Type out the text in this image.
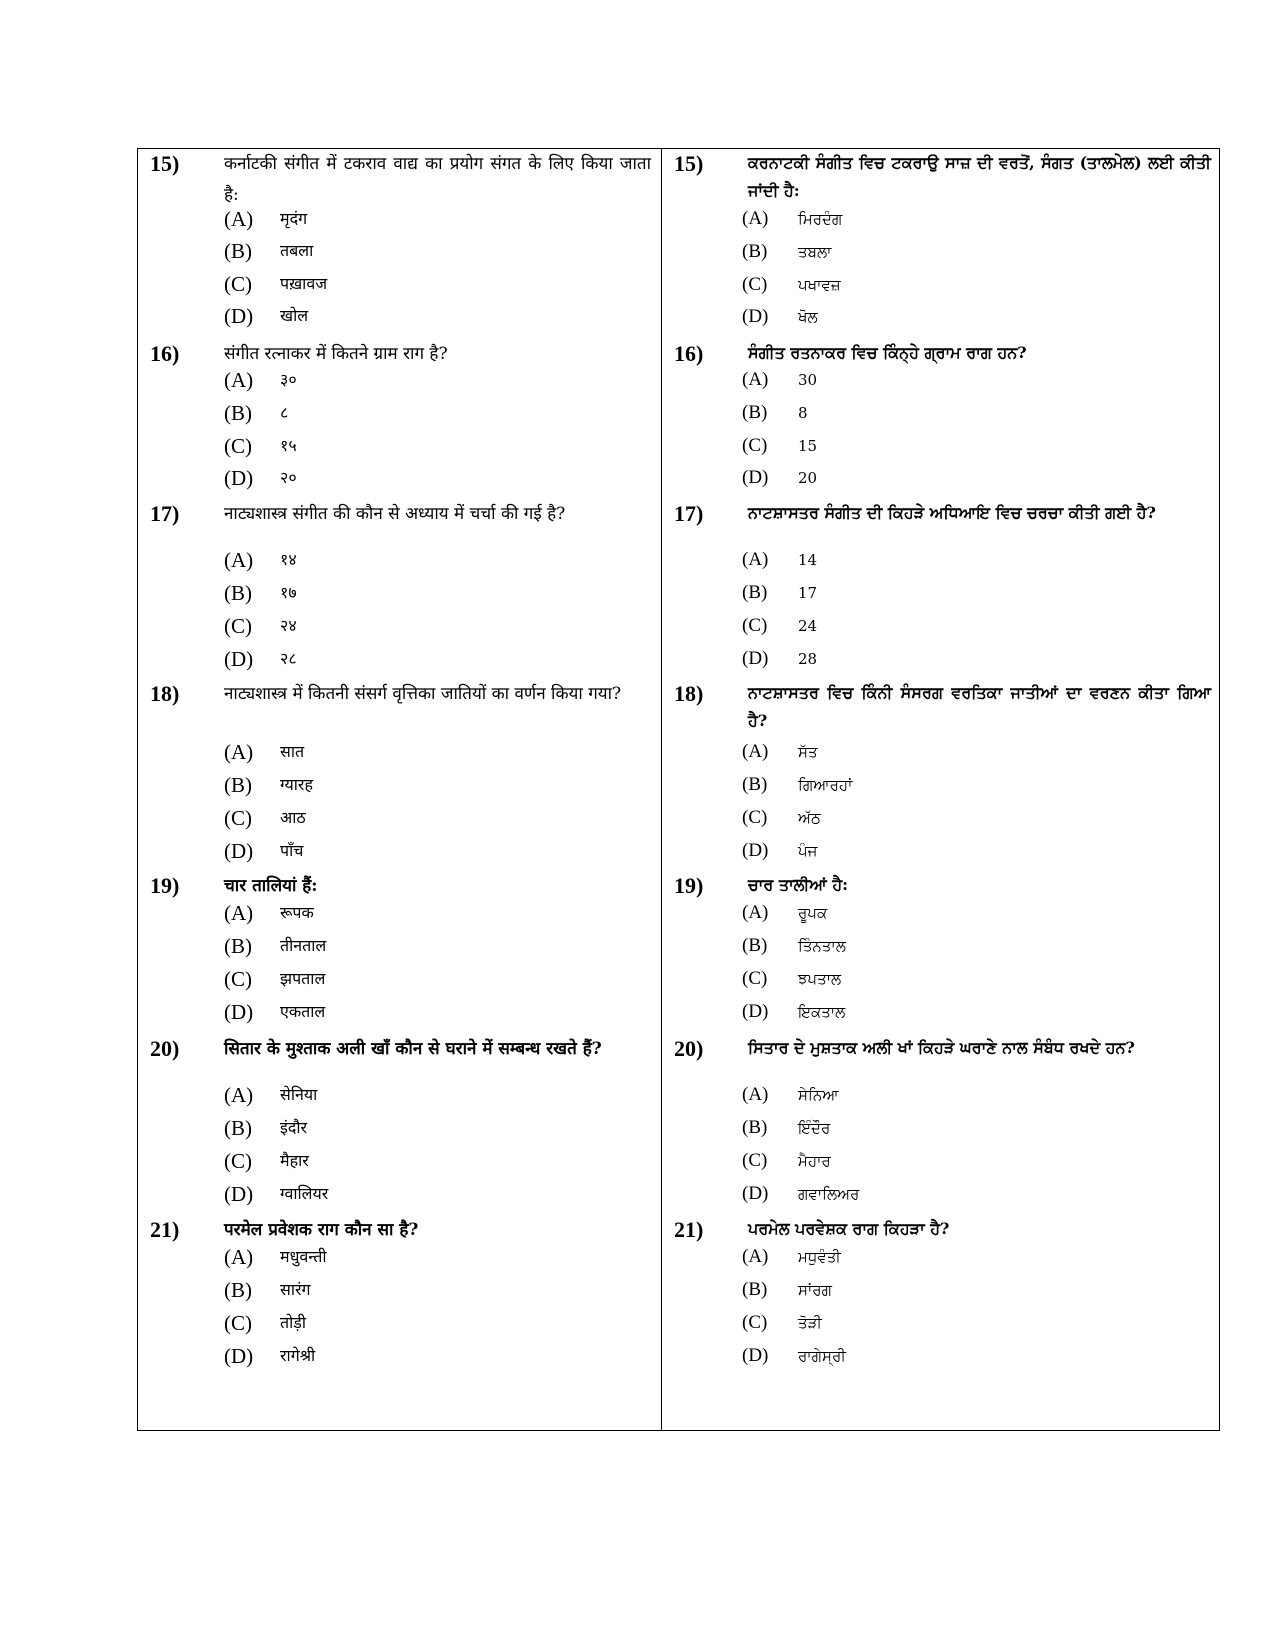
15)	कर्नाटकी संगीत में टकराव वाद्य का प्रयोग संगत के लिए किया जाता है:
(A) मृदंग
(B) तबला
(C) पख़ावज
(D) खोल
16)	संगीत रत्नाकर में कितने ग्राम राग है?
(A) ३०
(B) ८
(C) १५
(D) २०
17)	नाट्यशास्त्र संगीत की कौन से अध्याय में चर्चा की गई है?
(A) १४
(B) १७
(C) २४
(D) २८
18)	नाट्यशास्त्र में कितनी संसर्ग वृत्तिका जातियों का वर्णन किया गया?
(A) सात
(B) ग्यारह
(C) आठ
(D) पाँच
19)	चार तालियां हैं:
(A) रूपक
(B) तीनताल
(C) झपताल
(D) एकताल
20)	सितार के मुश्ताक अली खाँ कौन से घराने में सम्बन्ध रखते हैं?
(A) सेनिया
(B) इंदौर
(C) मैहार
(D) ग्वालियर
21)	परमेल प्रवेशक राग कौन सा है?
(A) मधुवन्ती
(B) सारंग
(C) तोड़ी
(D) रागेश्री
15)	ਕਰਨਾਟਕੀ ਸੰਗੀਤ ਵਿਚ ਟਕਰਾਉ ਸਾਜ਼ ਦੀ ਵਰਤੋਂ, ਸੰਗਤ (ਤਾਲਮੇਲ) ਲਈ ਕੀਤੀ ਜਾਂਦੀ ਹੈ:
(A) ਮਿਰਦੰਗ
(B) ਤਬਲਾ
(C) ਪਖਾਵਜ਼
(D) ਖੋਲ
16)	ਸੰਗੀਤ ਰਤਨਾਕਰ ਵਿਚ ਕਿੰਨ੍ਹੇ ਗ੍ਰਾਮ ਰਾਗ ਹਨ?
(A) 30
(B) 8
(C) 15
(D) 20
17)	ਨਾਟਸ਼ਾਸਤਰ ਸੰਗੀਤ ਦੀ ਕਿਹੜੇ ਅਧਿਆਇ ਵਿਚ ਚਰਚਾ ਕੀਤੀ ਗਈ ਹੈ?
(A) 14
(B) 17
(C) 24
(D) 28
18)	ਨਾਟਸ਼ਾਸਤਰ ਵਿਚ ਕਿੰਨੀ ਸੰਸਰਗ ਵਰਤਿਕਾ ਜਾਤੀਆਂ ਦਾ ਵਰਣਨ ਕੀਤਾ ਗਿਆ ਹੈ?
(A) ਸੱਤ
(B) ਗਿਆਰਹਾਂ
(C) ਅੱਠ
(D) ਪੰਜ
19)	ਚਾਰ ਤਾਲੀਆਂ ਹੈ:
(A) ਰੂਪਕ
(B) ਤਿੰਨਤਾਲ
(C) ਝਪਤਾਲ
(D) ਇਕਤਾਲ
20)	ਸਿਤਾਰ ਦੇ ਮੁਸ਼ਤਾਕ ਅਲੀ ਖਾਂ ਕਿਹੜੇ ਘਰਾਣੇ ਨਾਲ ਸੰਬੰਧ ਰਖਦੇ ਹਨ?
(A) ਸੇਨਿਆ
(B) ਇੰਦੌਰ
(C) ਮੈਹਾਰ
(D) ਗਵਾਲਿਅਰ
21)	ਪਰਮੇਲ ਪਰਵੇਸ਼ਕ ਰਾਗ ਕਿਹੜਾ ਹੈ?
(A) ਮਧੁਵੰਤੀ
(B) ਸਾਂਰਗ
(C) ਤੋੜੀ
(D) ਰਾਗੇਸ੍ਰੀ
